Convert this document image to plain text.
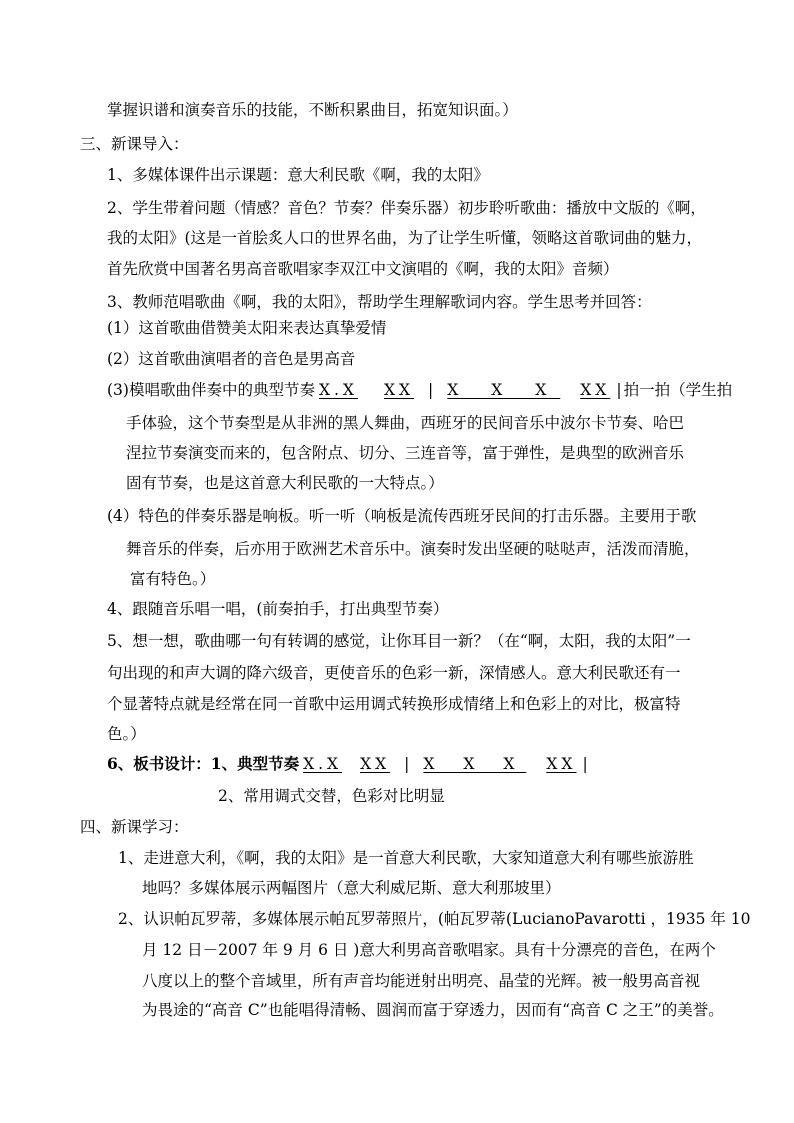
掌握识谱和演奏音乐的技能，不断积累曲目，拓宽知识面。）
三、新课导入：
1、多媒体课件出示课题：意大利民歌《啊，我的太阳》
2、学生带着问题（情感？音色？节奏？伴奏乐器）初步聆听歌曲：播放中文版的《啊，
我的太阳》(这是一首脍炙人口的世界名曲，为了让学生听懂，领略这首歌词曲的魅力，
首先欣赏中国著名男高音歌唱家李双江中文演唱的《啊，我的太阳》音频）
3、教师范唱歌曲《啊，我的太阳》，帮助学生理解歌词内容。学生思考并回答：
(1）这首歌曲借赞美太阳来表达真挚爱情
(2）这首歌曲演唱者的音色是男高音
(3)模唱歌曲伴奏中的典型节奏 X.X XX | X X X XX | 拍一拍（学生拍
手体验，这个节奏型是从非洲的黑人舞曲，西班牙的民间音乐中波尔卡节奏、哈巴
涅拉节奏演变而来的，包含附点、切分、三连音等，富于弹性，是典型的欧洲音乐
固有节奏，也是这首意大利民歌的一大特点。）
(4）特色的伴奏乐器是响板。听一听（响板是流传西班牙民间的打击乐器。主要用于歌
舞音乐的伴奏，后亦用于欧洲艺术音乐中。演奏时发出坚硬的哒哒声，活泼而清脆，
富有特色。）
4、跟随音乐唱一唱，(前奏拍手，打出典型节奏）
5、想一想，歌曲哪一句有转调的感觉，让你耳目一新？（在“啊，太阳，我的太阳”一
句出现的和声大调的降六级音，更使音乐的色彩一新，深情感人。意大利民歌还有一
个显著特点就是经常在同一首歌中运用调式转换形成情绪上和色彩上的对比，极富特
色。）
6、板书设计：1、典型节奏 X.X XX | X X X XX |
2、常用调式交替，色彩对比明显
四、新课学习：
1、走进意大利，《啊，我的太阳》是一首意大利民歌，大家知道意大利有哪些旅游胜
地吗？多媒体展示两幅图片（意大利威尼斯、意大利那坡里）
2、认识帕瓦罗蒂，多媒体展示帕瓦罗蒂照片，(帕瓦罗蒂(LucianoPavarotti ，1935 年 10
月 12 日－2007 年 9 月 6 日 )意大利男高音歌唱家。具有十分漂亮的音色，在两个
八度以上的整个音域里，所有声音均能迸射出明亮、晶莹的光辉。被一般男高音视
为畏途的“高音 C”也能唱得清畅、圆润而富于穿透力，因而有“高音 C 之王”的美誉。
